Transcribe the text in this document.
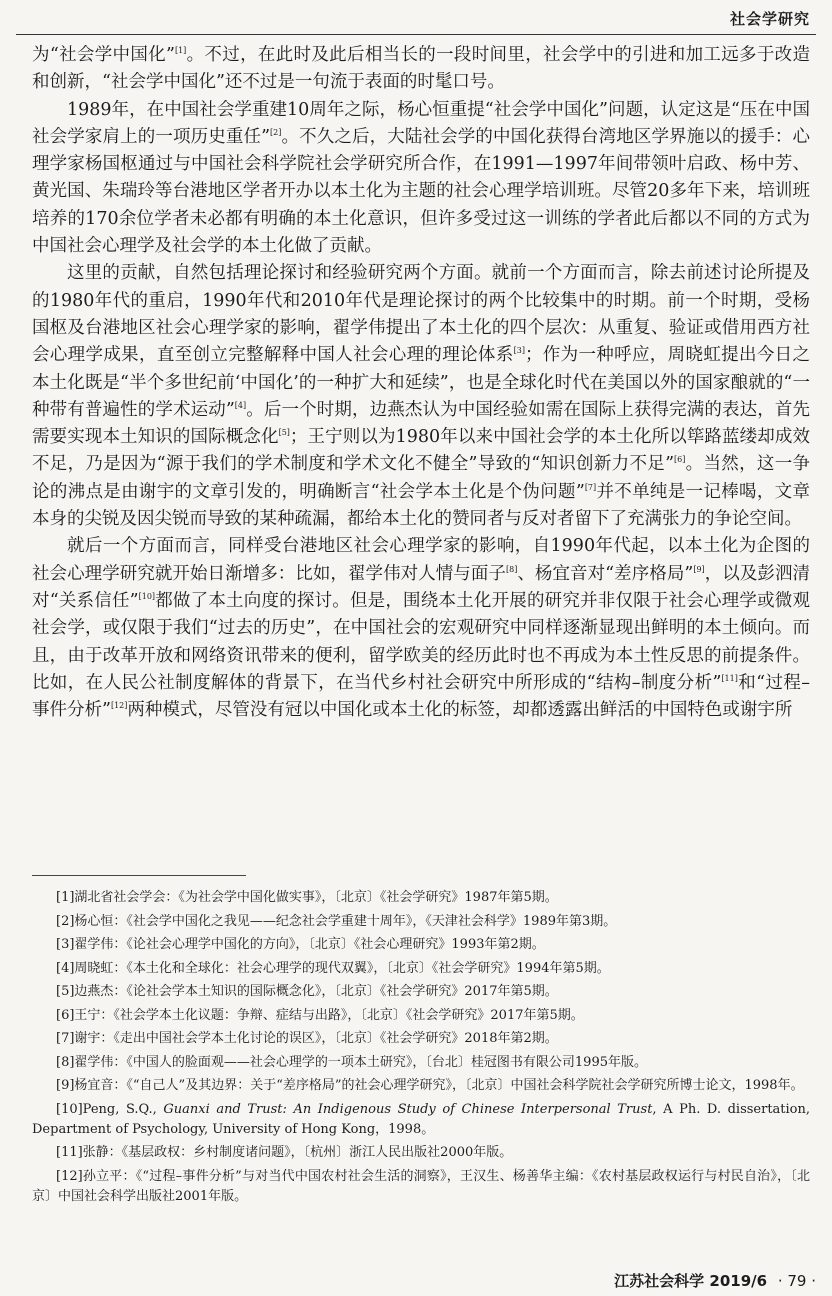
社会学研究

为“社会学中国化”[1]。不过，在此时及此后相当长的一段时间里，社会学中的引进和加工远多于改造和创新，“社会学中国化”还不过是一句流于表面的时髦口号。

1989年，在中国社会学重建10周年之际，杨心恒重提“社会学中国化”问题，认定这是“压在中国社会学家肩上的一项历史重任”[2]。不久之后，大陆社会学的中国化获得台湾地区学界施以的援手：心理学家杨国枢通过与中国社会科学院社会学研究所合作，在1991—1997年间带领叶启政、杨中芳、黄光国、朱瑞玲等台港地区学者开办以本土化为主题的社会心理学培训班。尽管20多年下来，培训班培养的170余位学者未必都有明确的本土化意识，但许多受过这一训练的学者此后都以不同的方式为中国社会心理学及社会学的本土化做了贡献。

这里的贡献，自然包括理论探讨和经验研究两个方面。就前一个方面而言，除去前述讨论所提及的1980年代的重启，1990年代和2010年代是理论探讨的两个比较集中的时期。前一个时期，受杨国枢及台港地区社会心理学家的影响，翟学伟提出了本土化的四个层次：从重复、验证或借用西方社会心理学成果，直至创立完整解释中国人社会心理的理论体系[3]；作为一种呼应，周晓虹提出今日之本土化既是“半个多世纪前‘中国化’的一种扩大和延续”，也是全球化时代在美国以外的国家酿就的“一种带有普遍性的学术运动”[4]。后一个时期，边燕杰认为中国经验如需在国际上获得完满的表达，首先需要实现本土知识的国际概念化[5]；王宁则以为1980年以来中国社会学的本土化所以筚路蓝缕却成效不足，乃是因为“源于我们的学术制度和学术文化不健全”导致的“知识创新力不足”[6]。当然，这一争论的沸点是由谢宇的文章引发的，明确断言“社会学本土化是个伪问题”[7]并不单纯是一记棒喝，文章本身的尖锐及因尖锐而导致的某种疏漏，都给本土化的赞同者与反对者留下了充满张力的争论空间。

就后一个方面而言，同样受台港地区社会心理学家的影响，自1990年代起，以本土化为企图的社会心理学研究就开始日渐增多：比如，翟学伟对人情与面子[8]、杨宜音对“差序格局”[9]，以及彭泗清对“关系信任”[10]都做了本土向度的探讨。但是，围绕本土化开展的研究并非仅限于社会心理学或微观社会学，或仅限于我们“过去的历史”，在中国社会的宏观研究中同样逐渐显现出鲜明的本土倾向。而且，由于改革开放和网络资讯带来的便利，留学欧美的经历此时也不再成为本土性反思的前提条件。比如，在人民公社制度解体的背景下，在当代乡村社会研究中所形成的“结构–制度分析”[11]和“过程–事件分析”[12]两种模式，尽管没有冠以中国化或本土化的标签，却都透露出鲜活的中国特色或谢宇所

[1]湖北省社会学会：《为社会学中国化做实事》，〔北京〕《社会学研究》1987年第5期。

[2]杨心恒：《社会学中国化之我见——纪念社会学重建十周年》，《天津社会科学》1989年第3期。

[3]翟学伟：《论社会心理学中国化的方向》，〔北京〕《社会心理研究》1993年第2期。

[4]周晓虹：《本土化和全球化：社会心理学的现代双翼》，〔北京〕《社会学研究》1994年第5期。

[5]边燕杰：《论社会学本土知识的国际概念化》，〔北京〕《社会学研究》2017年第5期。

[6]王宁：《社会学本土化议题：争辩、症结与出路》，〔北京〕《社会学研究》2017年第5期。

[7]谢宇：《走出中国社会学本土化讨论的误区》，〔北京〕《社会学研究》2018年第2期。

[8]翟学伟：《中国人的脸面观——社会心理学的一项本土研究》，〔台北〕桂冠图书有限公司1995年版。

[9]杨宜音：《“自己人”及其边界：关于“差序格局”的社会心理学研究》，〔北京〕中国社会科学院社会学研究所博士论文，1998年。

[10]Peng, S.Q., Guanxi and Trust: An Indigenous Study of Chinese Interpersonal Trust, A Ph. D. dissertation, Department of Psychology, University of Hong Kong，1998。

[11]张静：《基层政权：乡村制度诸问题》，〔杭州〕浙江人民出版社2000年版。

[12]孙立平：《“过程–事件分析”与对当代中国农村社会生活的洞察》，王汉生、杨善华主编：《农村基层政权运行与村民自治》，〔北京〕中国社会科学出版社2001年版。

江苏社会科学 2019/6 · 79 ·
